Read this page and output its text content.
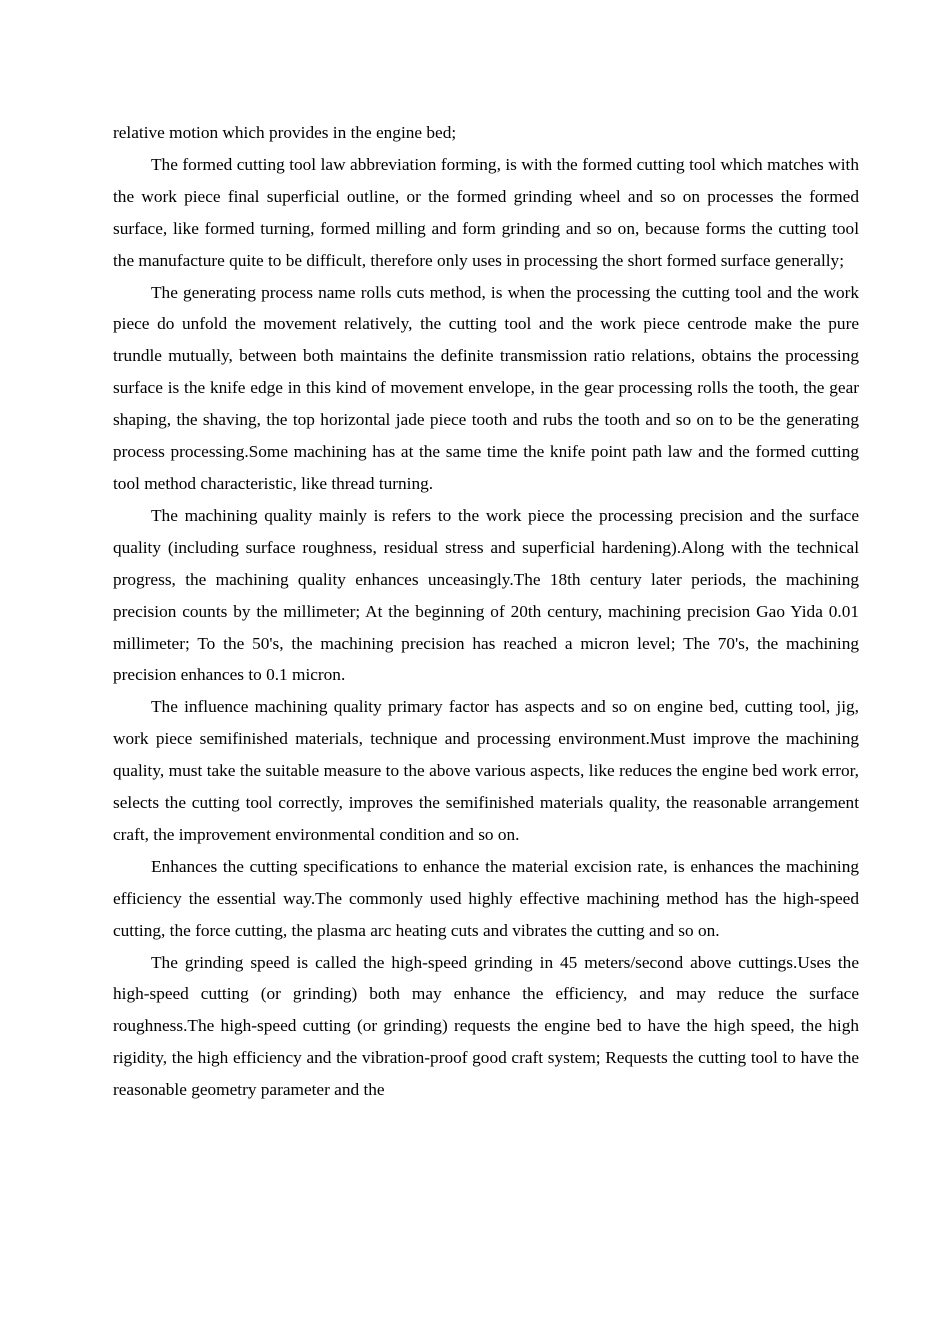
relative motion which provides in the engine bed;

The formed cutting tool law abbreviation forming, is with the formed cutting tool which matches with the work piece final superficial outline, or the formed grinding wheel and so on processes the formed surface, like formed turning, formed milling and form grinding and so on, because forms the cutting tool the manufacture quite to be difficult, therefore only uses in processing the short formed surface generally;

The generating process name rolls cuts method, is when the processing the cutting tool and the work piece do unfold the movement relatively, the cutting tool and the work piece centrode make the pure trundle mutually, between both maintains the definite transmission ratio relations, obtains the processing surface is the knife edge in this kind of movement envelope, in the gear processing rolls the tooth, the gear shaping, the shaving, the top horizontal jade piece tooth and rubs the tooth and so on to be the generating process processing.Some machining has at the same time the knife point path law and the formed cutting tool method characteristic, like thread turning.

The machining quality mainly is refers to the work piece the processing precision and the surface quality (including surface roughness, residual stress and superficial hardening).Along with the technical progress, the machining quality enhances unceasingly.The 18th century later periods, the machining precision counts by the millimeter; At the beginning of 20th century, machining precision Gao Yida 0.01 millimeter; To the 50's, the machining precision has reached a micron level; The 70's, the machining precision enhances to 0.1 micron.

The influence machining quality primary factor has aspects and so on engine bed, cutting tool, jig, work piece semifinished materials, technique and processing environment.Must improve the machining quality, must take the suitable measure to the above various aspects, like reduces the engine bed work error, selects the cutting tool correctly, improves the semifinished materials quality, the reasonable arrangement craft, the improvement environmental condition and so on.

Enhances the cutting specifications to enhance the material excision rate, is enhances the machining efficiency the essential way.The commonly used highly effective machining method has the high-speed cutting, the force cutting, the plasma arc heating cuts and vibrates the cutting and so on.

The grinding speed is called the high-speed grinding in 45 meters/second above cuttings.Uses the high-speed cutting (or grinding) both may enhance the efficiency, and may reduce the surface roughness.The high-speed cutting (or grinding) requests the engine bed to have the high speed, the high rigidity, the high efficiency and the vibration-proof good craft system; Requests the cutting tool to have the reasonable geometry parameter and the
